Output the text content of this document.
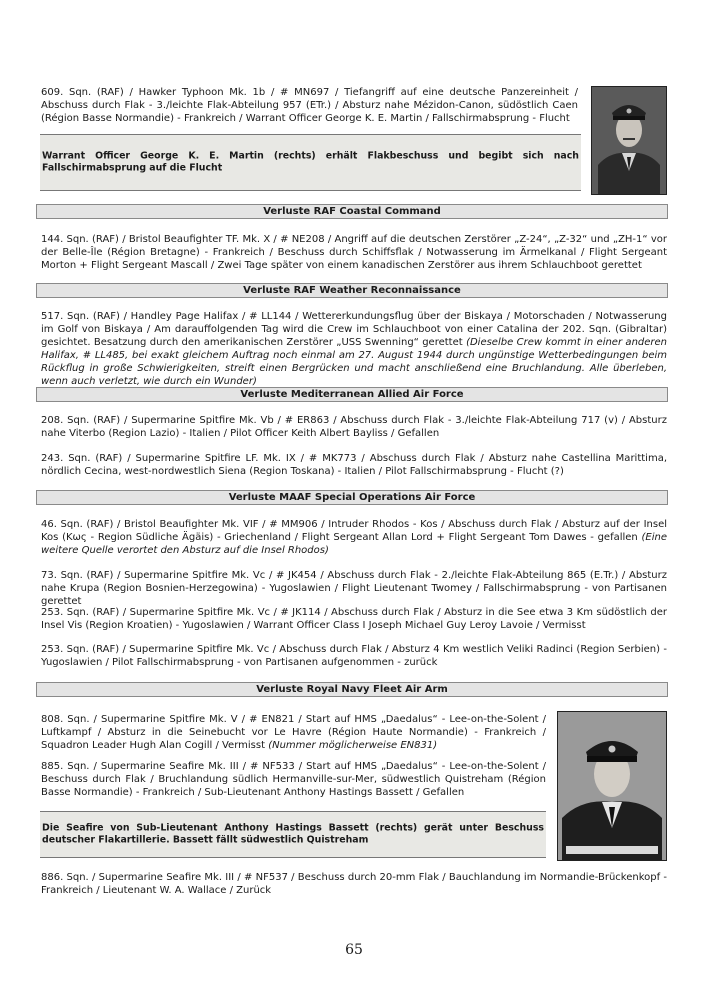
609. Sqn. (RAF) / Hawker Typhoon Mk. 1b / # MN697 / Tiefangriff auf eine deutsche Panzereinheit / Abschuss durch Flak - 3./leichte Flak-Abteilung 957 (ETr.) / Absturz nahe Mézidon-Canon, südöstlich Caen (Région Basse Normandie) - Frankreich / Warrant Officer George K. E. Martin / Fallschirmabsprung - Flucht

Warrant Officer George K. E. Martin (rechts) erhält Flakbeschuss und begibt sich nach Fallschirmabsprung auf die Flucht
Verluste RAF Coastal Command

144. Sqn. (RAF) / Bristol Beaufighter TF. Mk. X / # NE208 / Angriff auf die deutschen Zerstörer „Z-24“, „Z-32“ und „ZH-1“ vor der Belle-Île (Région Bretagne) - Frankreich / Beschuss durch Schiffsflak / Notwasserung im Ärmelkanal / Flight Sergeant Morton + Flight Sergeant Mascall / Zwei Tage später von einem kanadischen Zerstörer aus ihrem Schlauchboot gerettet

Verluste RAF Weather Reconnaissance

517. Sqn. (RAF) / Handley Page Halifax / # LL144 / Wettererkundungsflug über der Biskaya / Motorschaden / Notwasserung im Golf von Biskaya / Am darauffolgenden Tag wird die Crew im Schlauchboot von einer Catalina der 202. Sqn. (Gibraltar) gesichtet. Besatzung durch den amerikanischen Zerstörer „USS Swenning“ gerettet (Dieselbe Crew kommt in einer anderen Halifax, # LL485, bei exakt gleichem Auftrag noch einmal am 27. August 1944 durch ungünstige Wetterbedingungen beim Rückflug in große Schwierigkeiten, streift einen Bergrücken und macht anschließend eine Bruchlandung. Alle überleben, wenn auch verletzt, wie durch ein Wunder)

Verluste Mediterranean Allied Air Force

208. Sqn. (RAF) / Supermarine Spitfire Mk. Vb / # ER863 / Abschuss durch Flak - 3./leichte Flak-Abteilung 717 (v) / Absturz nahe Viterbo (Region Lazio) - Italien / Pilot Officer Keith Albert Bayliss / Gefallen

243. Sqn. (RAF) / Supermarine Spitfire LF. Mk. IX / # MK773 / Abschuss durch Flak / Absturz nahe Castellina Marittima, nördlich Cecina, west-nordwestlich Siena (Region Toskana) - Italien / Pilot Fallschirmabsprung - Flucht (?)

Verluste MAAF Special Operations Air Force

46. Sqn. (RAF) / Bristol Beaufighter Mk. VIF / # MM906 / Intruder Rhodos - Kos / Abschuss durch Flak / Absturz auf der Insel Kos (Κως - Region Südliche Ägäis) - Griechenland / Flight Sergeant Allan Lord + Flight Sergeant Tom Dawes - gefallen (Eine weitere Quelle verortet den Absturz auf die Insel Rhodos)

73. Sqn. (RAF) / Supermarine Spitfire Mk. Vc / # JK454 / Abschuss durch Flak - 2./leichte Flak-Abteilung 865 (E.Tr.) / Absturz nahe Krupa (Region Bosnien-Herzegowina) - Yugoslawien / Flight Lieutenant Twomey / Fallschirmabsprung - von Partisanen gerettet

253. Sqn. (RAF) / Supermarine Spitfire Mk. Vc / # JK114 / Abschuss durch Flak / Absturz in die See etwa 3 Km südöstlich der Insel Vis (Region Kroatien) - Yugoslawien / Warrant Officer Class I Joseph Michael Guy Leroy Lavoie / Vermisst

253. Sqn. (RAF) / Supermarine Spitfire Mk. Vc / Abschuss durch Flak / Absturz 4 Km westlich Veliki Radinci (Region Serbien) - Yugoslawien / Pilot Fallschirmabsprung - von Partisanen aufgenommen - zurück

Verluste Royal Navy Fleet Air Arm

808. Sqn. / Supermarine Spitfire Mk. V / # EN821 / Start auf HMS „Daedalus“ - Lee-on-the-Solent / Luftkampf / Absturz in die Seinebucht vor Le Havre (Région Haute Normandie) - Frankreich / Squadron Leader Hugh Alan Cogill / Vermisst (Nummer möglicherweise EN831)

885. Sqn. / Supermarine Seafire Mk. III / # NF533 / Start auf HMS „Daedalus“ - Lee-on-the-Solent / Beschuss durch Flak / Bruchlandung südlich Hermanville-sur-Mer, südwestlich Quistreham (Région Basse Normandie) - Frankreich / Sub-Lieutenant Anthony Hastings Bassett / Gefallen

Die Seafire von Sub-Lieutenant Anthony Hastings Bassett (rechts) gerät unter Beschuss deutscher Flakartillerie. Bassett fällt südwestlich Quistreham

886. Sqn. / Supermarine Seafire Mk. III / # NF537 / Beschuss durch 20-mm Flak / Bauchlandung im Normandie-Brückenkopf - Frankreich / Lieutenant W. A. Wallace / Zurück

65
